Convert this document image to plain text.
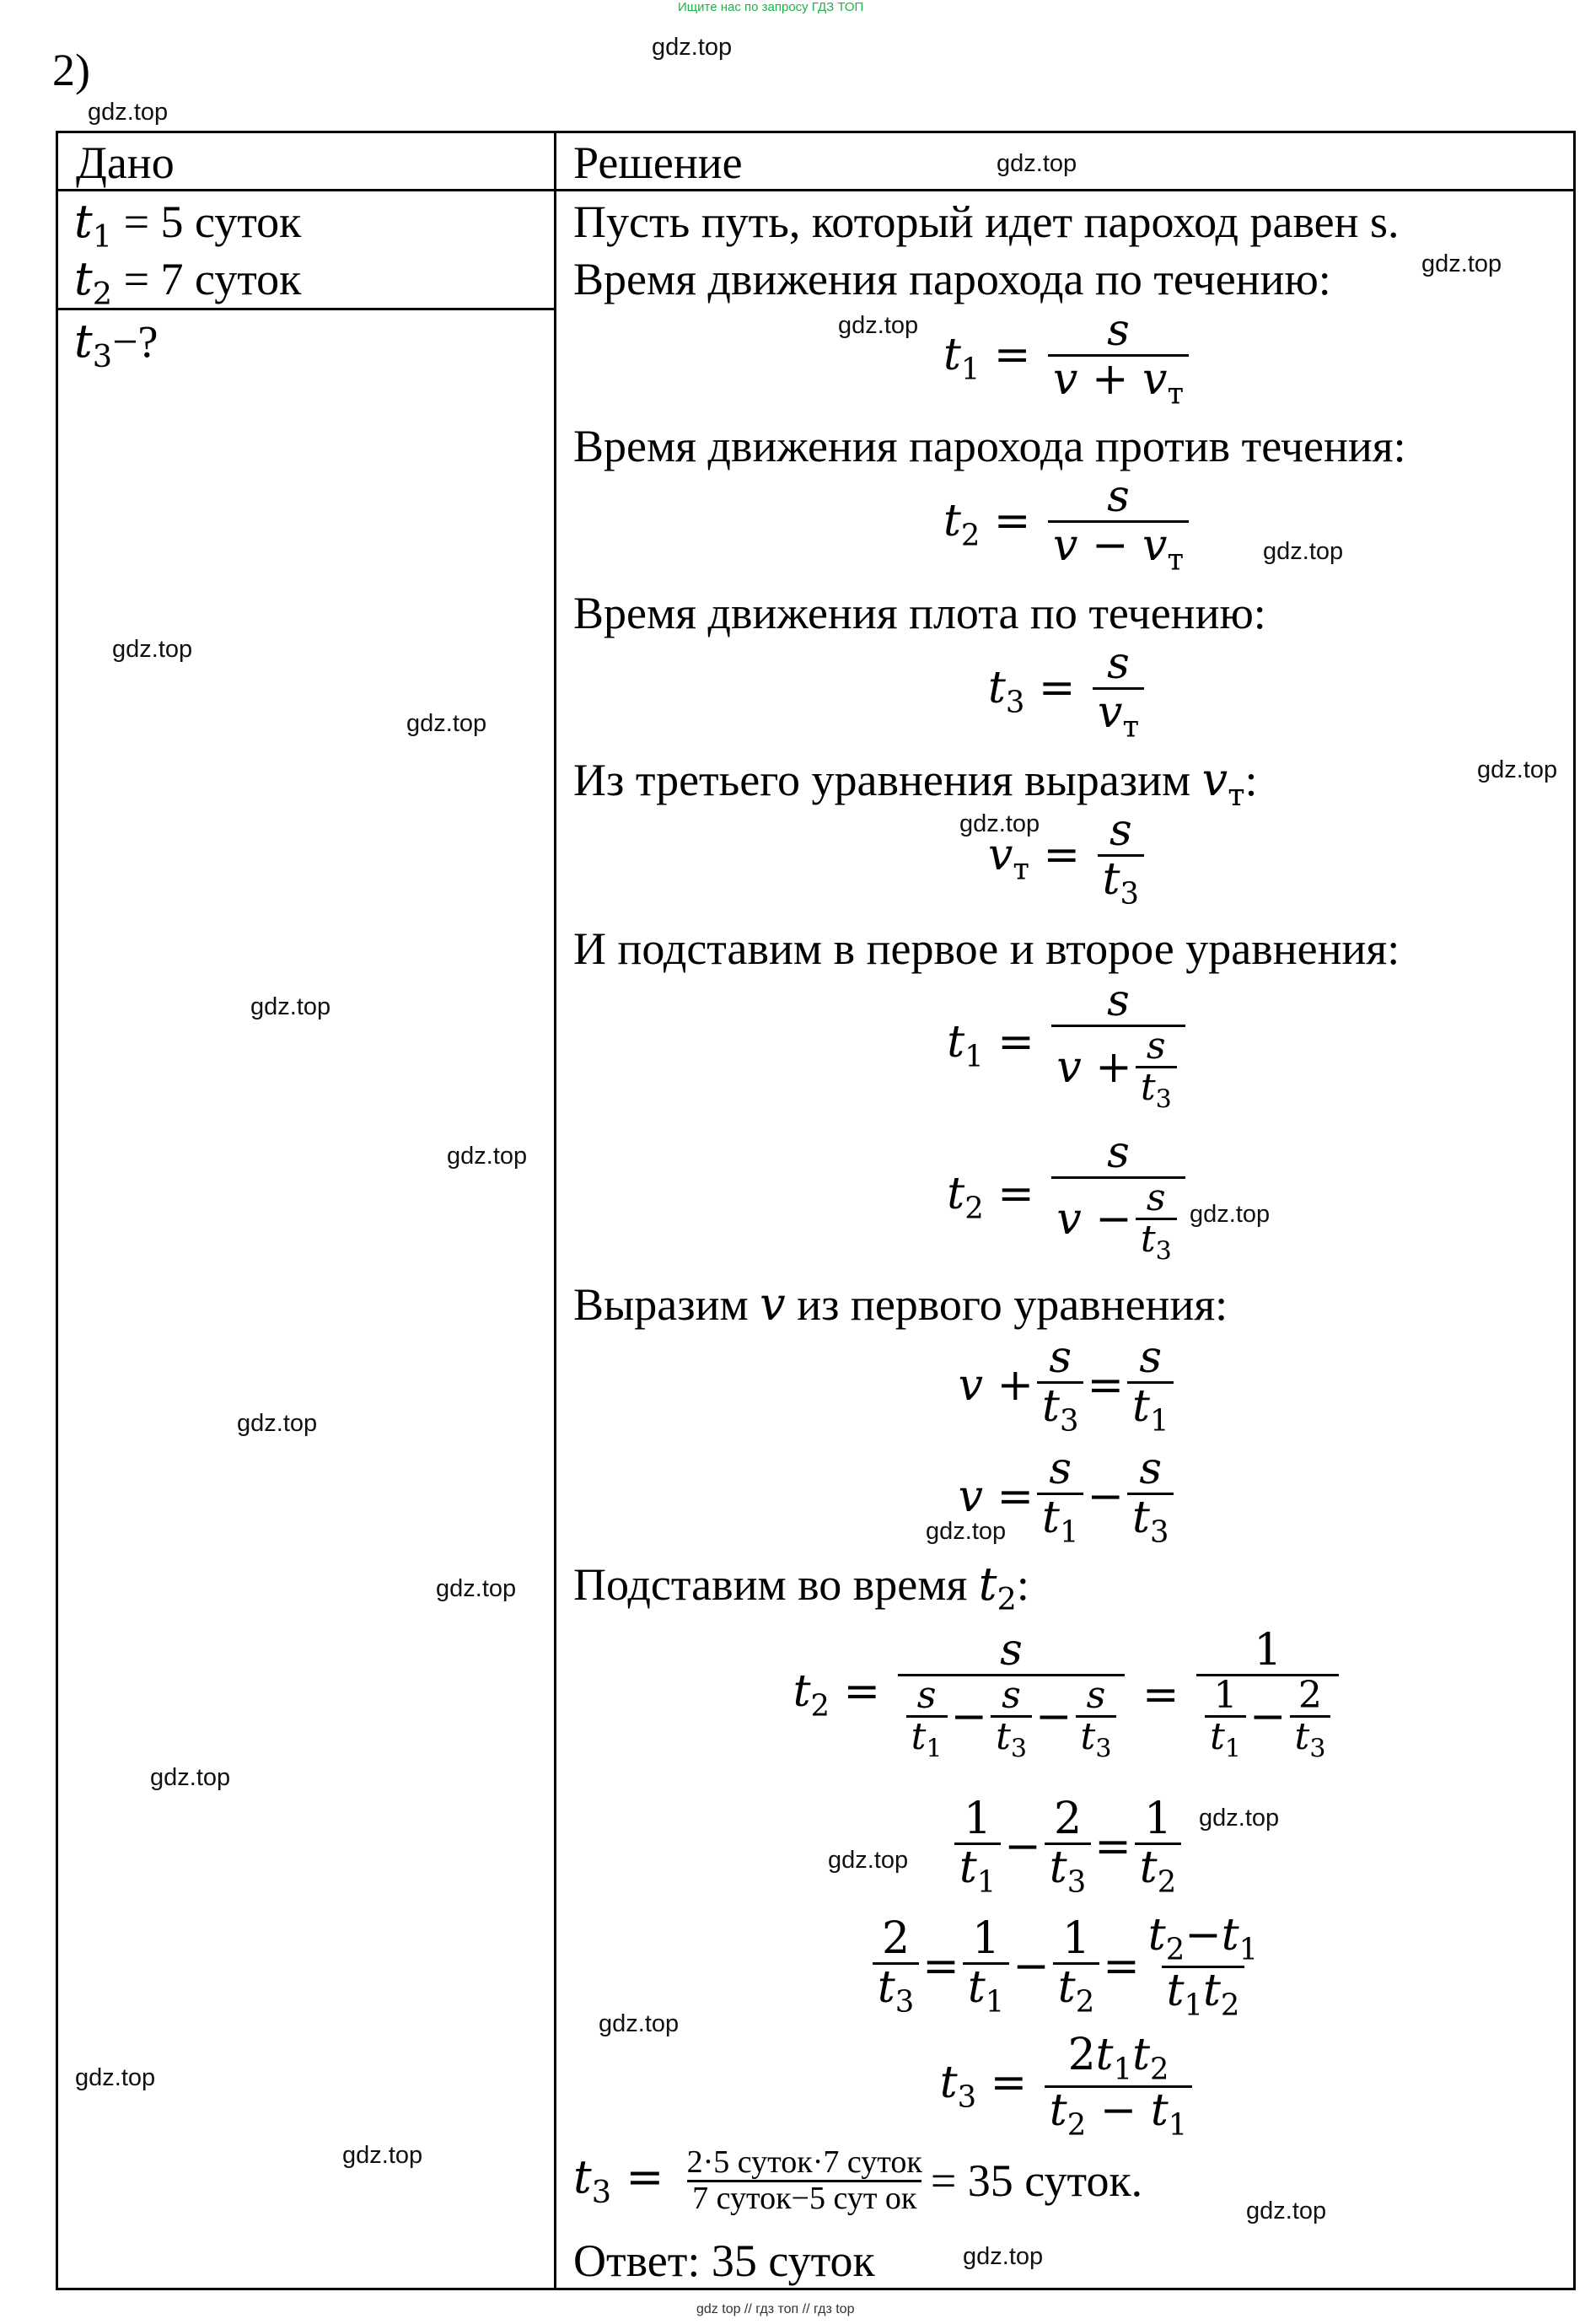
Ищите нас по запросу ГДЗ ТОП
2)
Дано	Решение
$t_1 = 5$ суток
$t_2 = 7$ суток
$t_3-$?
Пусть путь, который идет пароход равен s.
Время движения парохода по течению:
$t_1 = \frac{s}{v + v_т}$
Время движения парохода против течения:
$t_2 = \frac{s}{v - v_т}$
Время движения плота по течению:
$t_3 = \frac{s}{v_т}$
Из третьего уравнения выразим $v_т$:
$v_т = \frac{s}{t_3}$
И подставим в первое и второе уравнения:
$t_1 = \frac{s}{v + \frac{s}{t_3}}$
$t_2 = \frac{s}{v - \frac{s}{t_3}}$
Выразим v из первого уравнения:
$v + \frac{s}{t_3} = \frac{s}{t_1}$
$v = \frac{s}{t_1} - \frac{s}{t_3}$
Подставим во время $t_2$:
$t_2 = \frac{s}{\frac{s}{t_1} - \frac{s}{t_3} - \frac{s}{t_3}} = \frac{1}{\frac{1}{t_1} - \frac{2}{t_3}}$
$\frac{1}{t_1} - \frac{2}{t_3} = \frac{1}{t_2}$
$\frac{2}{t_3} = \frac{1}{t_1} - \frac{1}{t_2} = \frac{t_2-t_1}{t_1t_2}$
$t_3 = \frac{2t_1t_2}{t_2 - t_1}$
$t_3 = \frac{\text{2·5 суток·7 суток}}{\text{7 суток−5 сут ок}} = 35$ суток.
Ответ: 35 суток
gdz.top
gdz.top
gdz.top
gdz.top
gdz.top
gdz.top
gdz.top
gdz.top
gdz.top
gdz.top
gdz.top
gdz.top
gdz.top
gdz.top
gdz.top
gdz.top
gdz.top
gdz.top
gdz.top
gdz.top
gdz.top
gdz.top
gdz.top
gdz.top
gdz top // гдз топ // гдз top
